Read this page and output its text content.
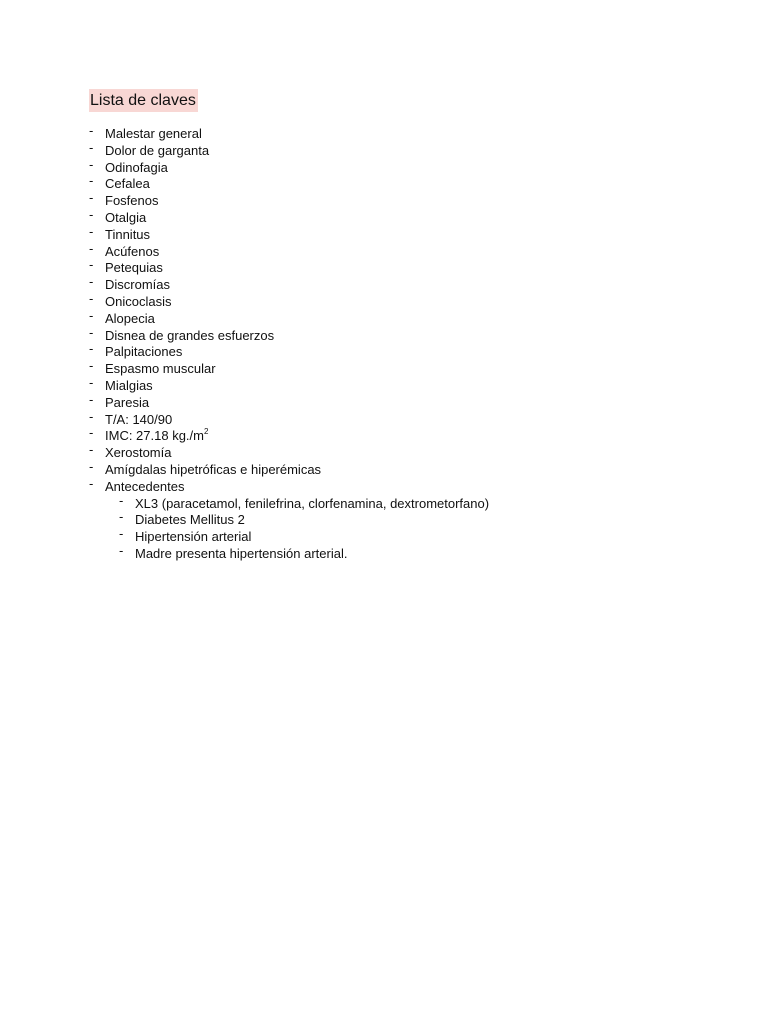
Lista de claves
- Malestar general
- Dolor de garganta
- Odinofagia
- Cefalea
- Fosfenos
- Otalgia
- Tinnitus
- Acúfenos
- Petequias
- Discromías
- Onicoclasis
- Alopecia
- Disnea de grandes esfuerzos
- Palpitaciones
- Espasmo muscular
- Mialgias
- Paresia
- T/A: 140/90
- IMC: 27.18 $kg./m^2$
- Xerostomía
- Amígdalas hipetróficas e hiperémicas
- Antecedentes
- XL3 (paracetamol, fenilefrina, clorfenamina, dextrometorfano)
- Diabetes Mellitus 2
- Hipertensión arterial
- Madre presenta hipertensión arterial.
